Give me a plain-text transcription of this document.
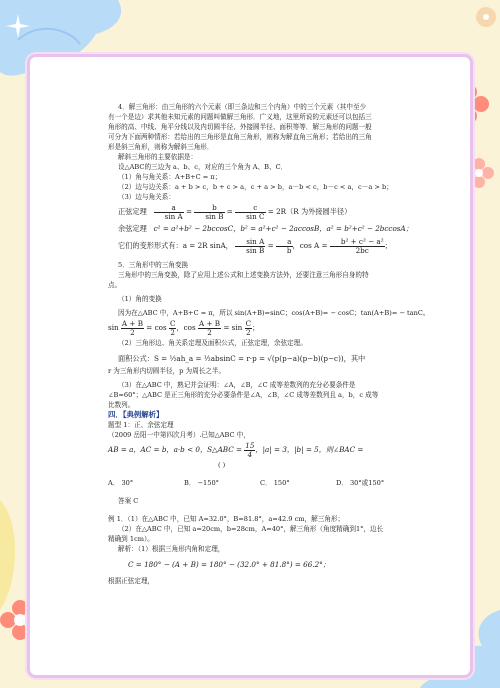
4．解三角形：由三角形的六个元素（即三条边和三个内角）中的三个元素（其中至少

有一个是边）求其他未知元素的问题叫做解三角形．广义地，这里所说的元素还可以包括三

角形的高、中线、角平分线以及内切圆半径、外接圆半径、面积等等．解三角形的问题一般

可分为下面两种情形：若给出的三角形是直角三角形，则称为解直角三角形；若给出的三角

形是斜三角形，则称为解斜三角形．

解斜三角形的主要依据是：

设△ABC的三边为 a、b、c，对应的三个角为 A、B、C．

（1）角与角关系：A+B+C = π；

（2）边与边关系：a + b > c，b + c > a，c + a > b，a－b < c，b－c < a，c－a > b；

（3）边与角关系：

正弦定理 $\frac{a}{\text{sin A}} = \frac{b}{\text{sin B}} = \frac{c}{\text{sin C}} = 2R(R$ 为外接圆半径）

余弦定理 c² = a²+b² − 2bccosC，b² = a²+c² − 2accosB，a² = b²+c² − 2bccosA；

它们的变形形式有：a = 2R sinA， $\frac{\text{sin A}}{\text{sin B}} = \frac{a}{b}$ ，$\cos A = \frac{\text{b² + c² − a²}}{2bc}$ ；

5．三角形中的三角变换

三角形中的三角变换，除了应用上述公式和上述变换方法外，还要注意三角形自身的特

点。

（1）角的变换

因为在△ABC 中，A+B+C = π，所以 sin(A+B)=sinC；cos(A+B)= − cosC；tan(A+B)= − tanC。

$\sin \frac{A + B}{2} = \cos \frac{C}{2}$ ，$\cos \frac{A + B}{2} = \sin \frac{C}{2}$ ；

（2）三角形边、角关系定理及面积公式，正弦定理，余弦定理。

面积公式：S = ½ah_a = ½absinC = r·p = √(p(p−a)(p−b)(p−c))，其中

r 为三角形内切圆半径，p 为周长之半。

（3）在△ABC 中，熟记并会证明：∠A，∠B，∠C 成等差数列的充分必要条件是

∠B=60°；△ABC 是正三角形的充分必要条件是∠A，∠B，∠C 成等差数列且 a，b，c 成等

比数列。

四．【典例解析】

题型 1：正、余弦定理

（2009 岳阳一中第四次月考）.已知△ABC 中，

AB = a，AC = b，a·b < 0，S△ABC = $\frac{15}{4}$ ，|a| = 3，|b| = 5，则∠BAC =

( )

A． 30°	B． −150°	C． 150°	D． 30°或150°

答案 C

例 1．（1）在△ABC 中，已知 A=32.0°，B=81.8°，a=42.9 cm，解三角形；

（2）在△ABC 中，已知 a=20cm，b=28cm，A=40°，解三角形（角度精确到1°，边长

精确到 1cm）。

解析：（1）根据三角形内角和定理，

C = 180° − (A + B) = 180° − (32.0° + 81.8°) = 66.2°；

根据正弦定理，
